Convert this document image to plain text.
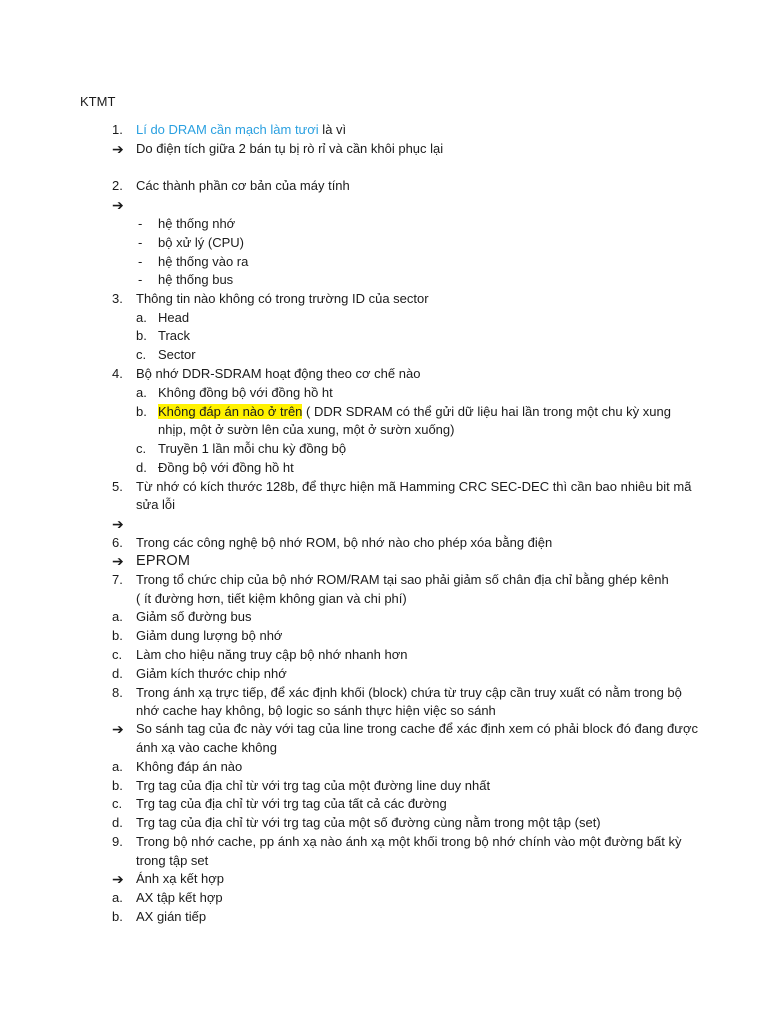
KTMT
1. Lí do DRAM cần mạch làm tươi là vì
➔ Do điện tích giữa 2 bán tụ bị rò rỉ và cần khôi phục lại
2. Các thành phần cơ bản của máy tính
➔
- hệ thống nhớ
- bộ xử lý (CPU)
- hệ thống vào ra
- hệ thống bus
3. Thông tin nào không có trong trường ID của sector
a. Head
b. Track
c. Sector
4. Bộ nhớ DDR-SDRAM hoạt động theo cơ chế nào
a. Không đồng bộ với đồng hồ ht
b. Không đáp án nào ở trên ( DDR SDRAM có thể gửi dữ liệu hai lần trong một chu kỳ xung
nhịp, một ở sườn lên của xung, một ở sườn xuống)
c. Truyền 1 lần mỗi chu kỳ đồng bộ
d. Đồng bộ với đồng hồ ht
5. Từ nhớ có kích thước 128b, để thực hiện mã Hamming CRC SEC-DEC thì cần bao nhiêu bit mã
sửa lỗi
➔
6. Trong các công nghệ bộ nhớ ROM, bộ nhớ nào cho phép xóa bằng điện
➔ EPROM
7. Trong tổ chức chip của bộ nhớ ROM/RAM tại sao phải giảm số chân địa chỉ bằng ghép kênh
( ít đường hơn, tiết kiệm không gian và chi phí)
a. Giảm số đường bus
b. Giảm dung lượng bộ nhớ
c. Làm cho hiệu năng truy cập bộ nhớ nhanh hơn
d. Giảm kích thước chip nhớ
8. Trong ánh xạ trực tiếp, để xác định khối (block) chứa từ truy cập cần truy xuất có nằm trong bộ
nhớ cache hay không, bộ logic so sánh thực hiện việc so sánh
➔ So sánh tag của đc này với tag của line trong cache để xác định xem có phải block đó đang được
ánh xạ vào cache không
a. Không đáp án nào
b. Trg tag của địa chỉ từ với trg tag của một đường line duy nhất
c. Trg tag của địa chỉ từ với trg tag của tất cả các đường
d. Trg tag của địa chỉ từ với trg tag của một số đường cùng nằm trong một tập (set)
9. Trong bộ nhớ cache, pp ánh xạ nào ánh xạ một khối trong bộ nhớ chính vào một đường bất kỳ
trong tập set
➔ Ánh xạ kết hợp
a. AX tập kết hợp
b. AX gián tiếp
